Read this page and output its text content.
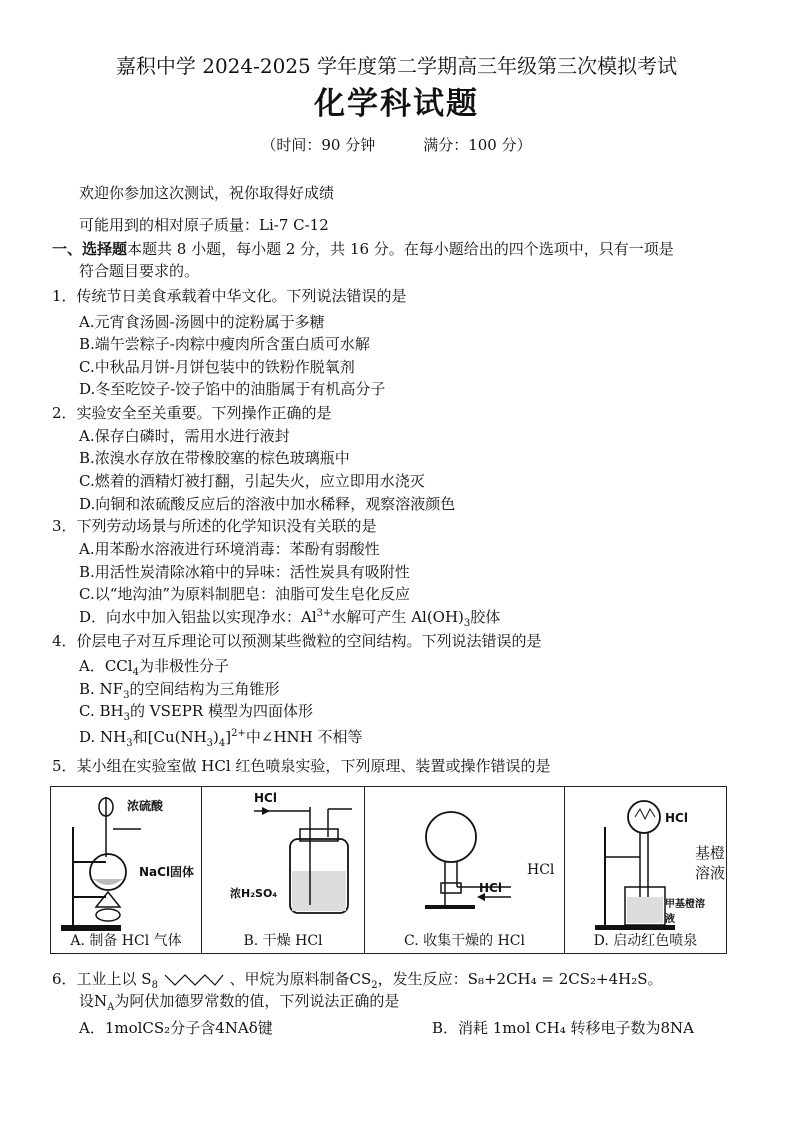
嘉积中学 2024-2025 学年度第二学期高三年级第三次模拟考试
化学科试题
（时间：90 分钟	满分：100 分）
欢迎你参加这次测试，祝你取得好成绩
可能用到的相对原子质量：Li-7 C-12
一、选择题本题共 8 小题，每小题 2 分，共 16 分。在每小题给出的四个选项中，只有一项是
符合题目要求的。
1．传统节日美食承载着中华文化。下列说法错误的是
A.元宵食汤圆-汤圆中的淀粉属于多糖
B.端午尝粽子-肉粽中瘦肉所含蛋白质可水解
C.中秋品月饼-月饼包装中的铁粉作脱氧剂
D.冬至吃饺子-饺子馅中的油脂属于有机高分子
2．实验安全至关重要。下列操作正确的是
A.保存白磷时，需用水进行液封
B.浓溴水存放在带橡胶塞的棕色玻璃瓶中
C.燃着的酒精灯被打翻，引起失火，应立即用水浇灭
D.向铜和浓硫酸反应后的溶液中加水稀释，观察溶液颜色
3．下列劳动场景与所述的化学知识没有关联的是
A.用苯酚水溶液进行环境消毒：苯酚有弱酸性
B.用活性炭清除冰箱中的异味：活性炭具有吸附性
C.以“地沟油”为原料制肥皂：油脂可发生皂化反应
D．向水中加入铝盐以实现净水：$Al^{3+}$水解可产生 $Al(OH)_3$胶体
4．价层电子对互斥理论可以预测某些微粒的空间结构。下列说法错误的是
A．CCl$_4$为非极性分子
B. $NF_3$的空间结构为三角锥形
C. $BH_3$的 VSEPR 模型为四面体形
D. $NH_3$和$[Cu(NH_3)_4]^{2+}$中∠HNH 不相等
5．某小组在实验室做 HCl 红色喷泉实验，下列原理、装置或操作错误的是
浓硫酸
NaCl固体
A. 制备 HCl 气体
HCl
浓H₂SO₄
B. 干燥 HCl
HCl
HCl
C. 收集干燥的 HCl
HCl
甲基橙溶液
D. 启动红色喷泉
基橙溶液
6．工业上以 $S_8$	、甲烷为原料制备$CS_2$，发生反应：S₈+2CH₄ = 2CS₂+4H₂S。
设$N_A$为阿伏加德罗常数的值，下列说法正确的是
A．1molCS₂分子含4NAδ键	B．消耗 1mol CH₄ 转移电子数为8NA
